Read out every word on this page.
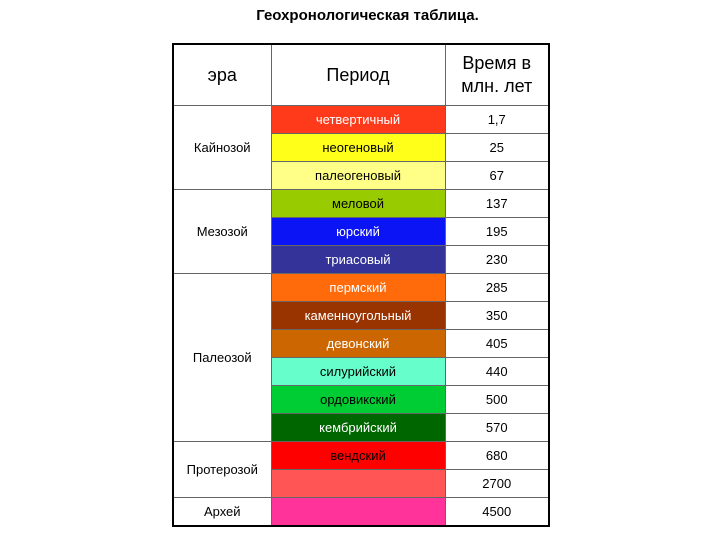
Геохронологическая таблица.
эра	Период	Время в млн. лет
Кайнозой	четвертичный	1,7
	неогеновый	25
	палеогеновый	67
Мезозой	меловой	137
	юрский	195
	триасовый	230
Палеозой	пермский	285
	каменноугольный	350
	девонский	405
	силурийский	440
	ордовикский	500
	кембрийский	570
Протерозой	вендский	680
		2700
Архей		4500
